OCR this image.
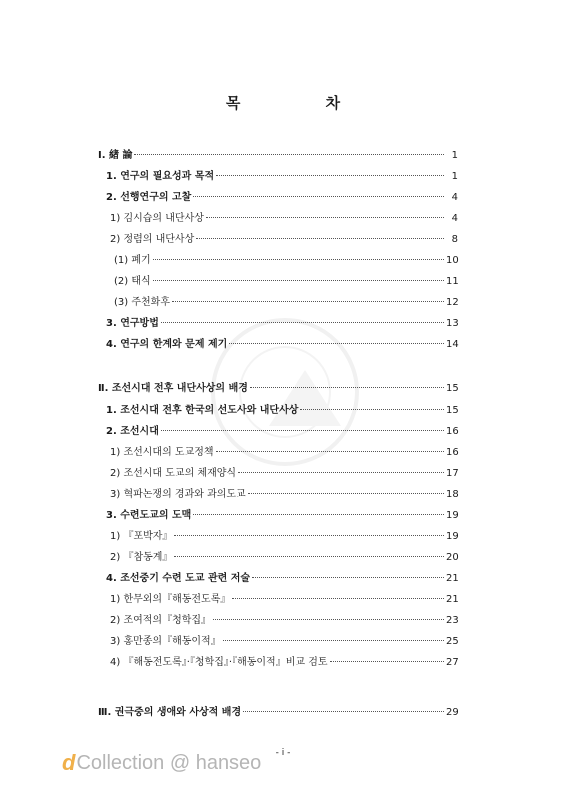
목 차
Ⅰ. 緖 論	1
1. 연구의 필요성과 목적	1
2. 선행연구의 고찰	4
1) 김시습의 내단사상	4
2) 정렴의 내단사상	8
(1) 폐기	10
(2) 태식	11
(3) 주천화후	12
3. 연구방법	13
4. 연구의 한계와 문제 제기	14
Ⅱ. 조선시대 전후 내단사상의 배경	15
1. 조선시대 전후 한국의 선도사와 내단사상	15
2. 조선시대	16
1) 조선시대의 도교정책	16
2) 조선시대 도교의 체재양식	17
3) 혁파논쟁의 경과와 과의도교	18
3. 수련도교의 도맥	19
1) 『포박자』	19
2) 『참동계』	20
4. 조선중기 수련 도교 관련 저술	21
1) 한무외의『해동전도록』	21
2) 조여적의『청학집』	23
3) 홍만종의『해동이적』	25
4) 『해동전도록』·『청학집』·『해동이적』비교 검토	27
Ⅲ. 권극중의 생애와 사상적 배경	29
- i -
d Collection @ hanseo
